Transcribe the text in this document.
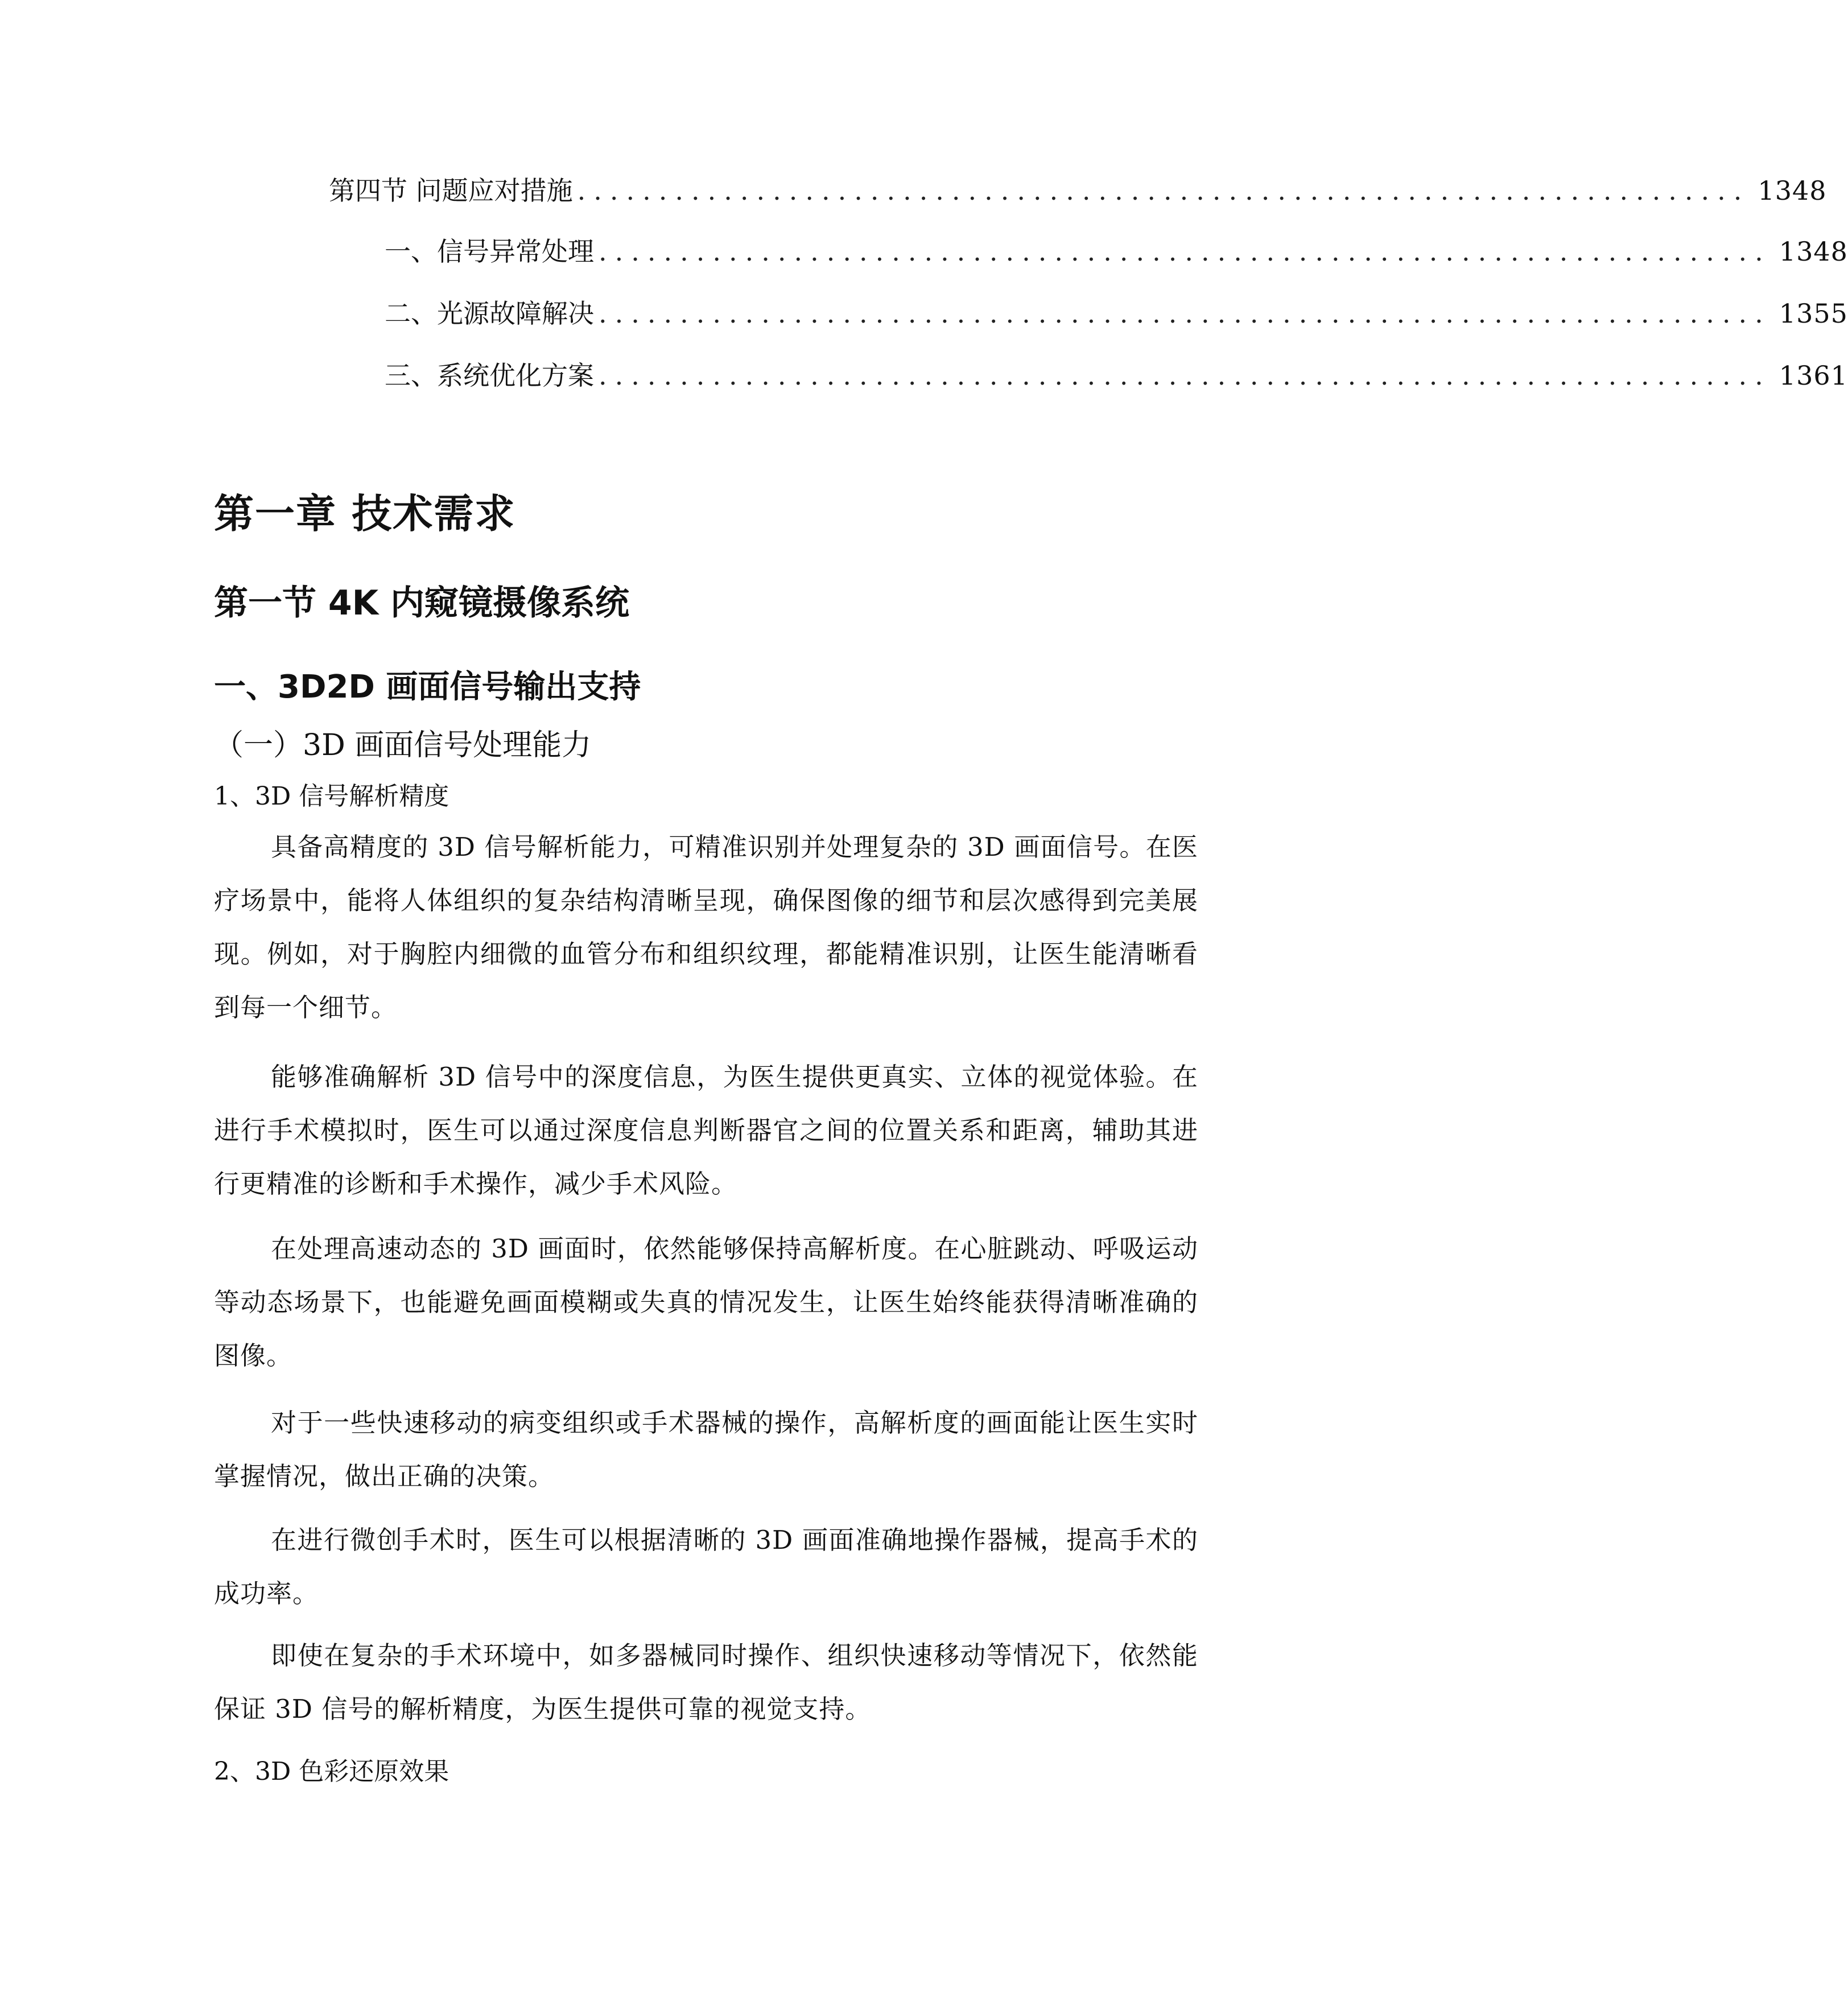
第四节 问题应对措施 ........................................................................ 1348
一、 信号异常处理 ........................................................................ 1348
二、 光源故障解决 ........................................................................ 1355
三、 系统优化方案 ........................................................................ 1361
第一章 技术需求
第一节 4K 内窥镜摄像系统
一、3D2D 画面信号输出支持
（一）3D 画面信号处理能力
1、3D 信号解析精度

具备高精度的 3D 信号解析能力，可精准识别并处理复杂的 3D 画面信号。在医疗场景中，能将人体组织的复杂结构清晰呈现，确保图像的细节和层次感得到完美展现。例如，对于胸腔内细微的血管分布和组织纹理，都能精准识别，让医生能清晰看到每一个细节。

能够准确解析 3D 信号中的深度信息，为医生提供更真实、立体的视觉体验。在进行手术模拟时，医生可以通过深度信息判断器官之间的位置关系和距离，辅助其进行更精准的诊断和手术操作，减少手术风险。

在处理高速动态的 3D 画面时，依然能够保持高解析度。在心脏跳动、呼吸运动等动态场景下，也能避免画面模糊或失真的情况发生，让医生始终能获得清晰准确的图像。

对于一些快速移动的病变组织或手术器械的操作，高解析度的画面能让医生实时掌握情况，做出正确的决策。

在进行微创手术时，医生可以根据清晰的 3D 画面准确地操作器械，提高手术的成功率。

即使在复杂的手术环境中，如多器械同时操作、组织快速移动等情况下，依然能保证 3D 信号的解析精度，为医生提供可靠的视觉支持。

2、3D 色彩还原效果
